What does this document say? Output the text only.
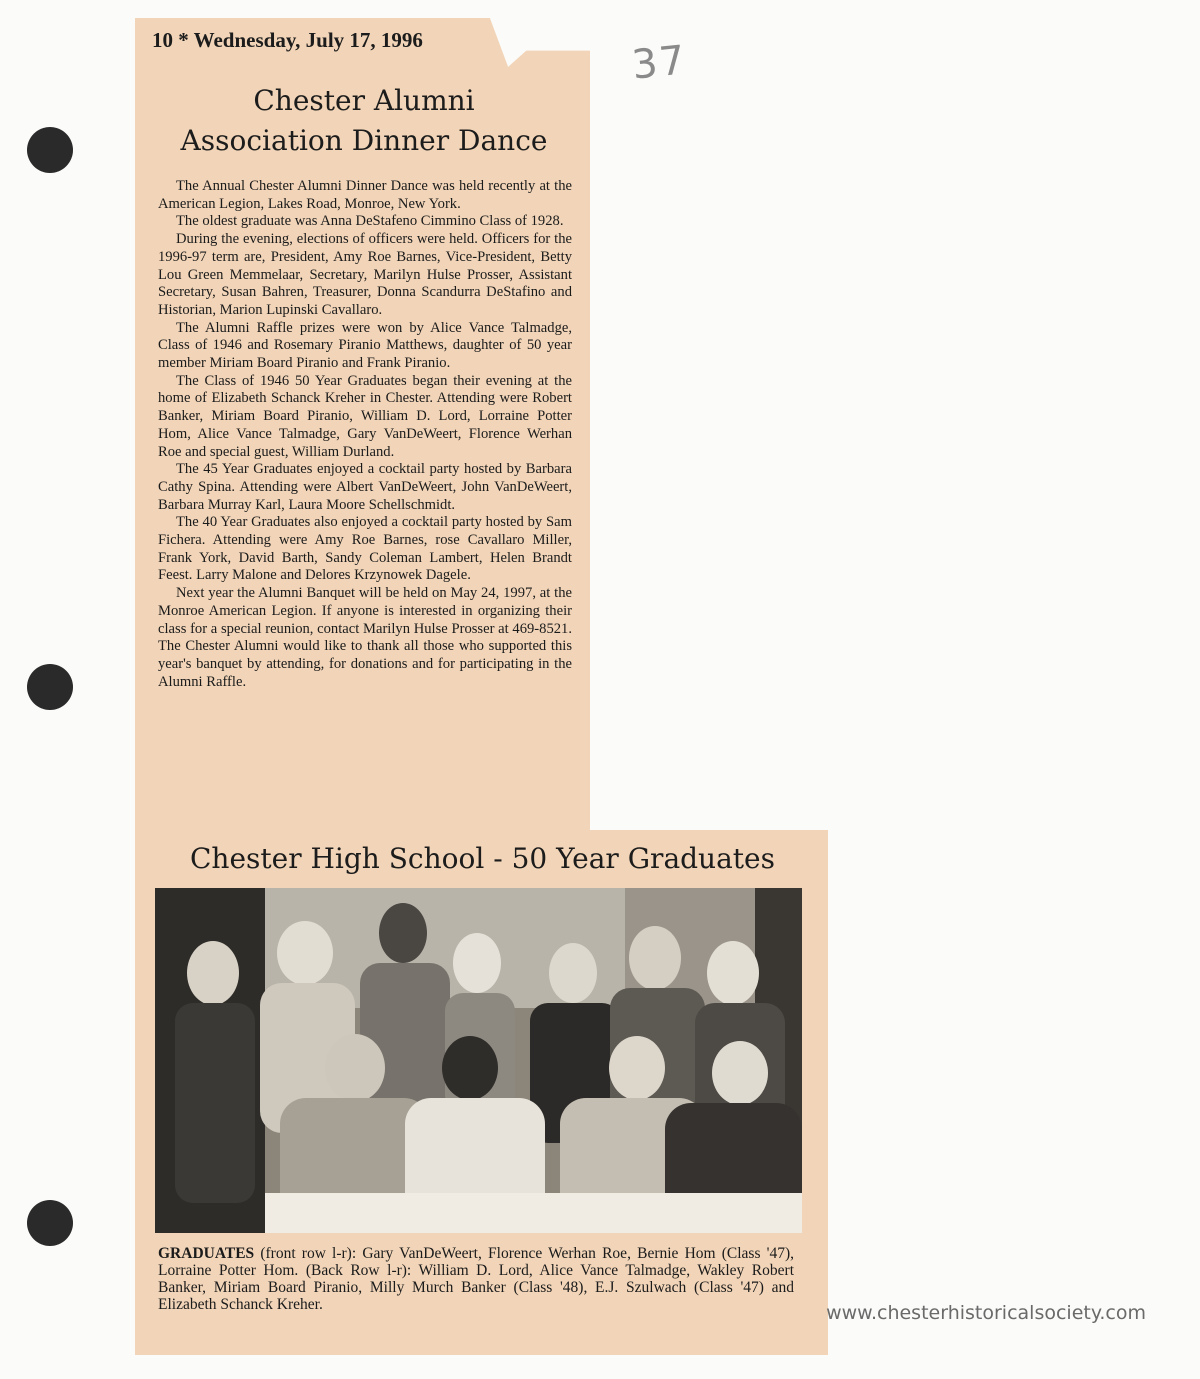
37
10 * Wednesday, July 17, 1996
Chester Alumni
Association Dinner Dance

The Annual Chester Alumni Dinner Dance was held recently at the American Legion, Lakes Road, Monroe, New York.

The oldest graduate was Anna DeStafeno Cimmino Class of 1928.

During the evening, elections of officers were held. Officers for the 1996-97 term are, President, Amy Roe Barnes, Vice-President, Betty Lou Green Memmelaar, Secretary, Marilyn Hulse Prosser, Assistant Secretary, Susan Bahren, Treasurer, Donna Scandurra DeStafino and Historian, Marion Lupinski Cavallaro.

The Alumni Raffle prizes were won by Alice Vance Talmadge, Class of 1946 and Rosemary Piranio Matthews, daughter of 50 year member Miriam Board Piranio and Frank Piranio.

The Class of 1946 50 Year Graduates began their evening at the home of Elizabeth Schanck Kreher in Chester. Attending were Robert Banker, Miriam Board Piranio, William D. Lord, Lorraine Potter Hom, Alice Vance Talmadge, Gary VanDeWeert, Florence Werhan Roe and special guest, William Durland.

The 45 Year Graduates enjoyed a cocktail party hosted by Barbara Cathy Spina. Attending were Albert VanDeWeert, John VanDeWeert, Barbara Murray Karl, Laura Moore Schellschmidt.

The 40 Year Graduates also enjoyed a cocktail party hosted by Sam Fichera. Attending were Amy Roe Barnes, rose Cavallaro Miller, Frank York, David Barth, Sandy Coleman Lambert, Helen Brandt Feest. Larry Malone and Delores Krzynowek Dagele.

Next year the Alumni Banquet will be held on May 24, 1997, at the Monroe American Legion. If anyone is interested in organizing their class for a special reunion, contact Marilyn Hulse Prosser at 469-8521. The Chester Alumni would like to thank all those who supported this year's banquet by attending, for donations and for participating in the Alumni Raffle.

Chester High School - 50 Year Graduates
GRADUATES (front row l-r): Gary VanDeWeert, Florence Werhan Roe, Bernie Hom (Class '47), Lorraine Potter Hom. (Back Row l-r): William D. Lord, Alice Vance Talmadge, Wakley Robert Banker, Miriam Board Piranio, Milly Murch Banker (Class '48), E.J. Szulwach (Class '47) and Elizabeth Schanck Kreher.	www.chesterhistoricalsociety.com
